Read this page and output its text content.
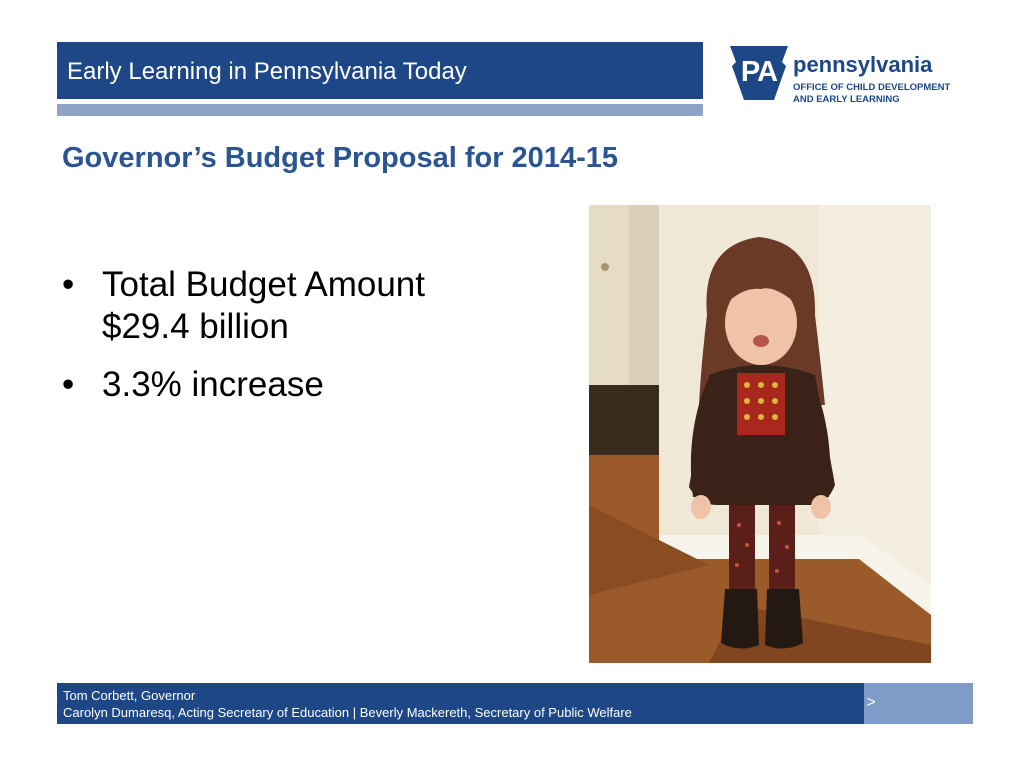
Early Learning in Pennsylvania Today	PA pennsylvania
OFFICE OF CHILD DEVELOPMENT
AND EARLY LEARNING
Governor’s Budget Proposal for 2014-15
• Total Budget Amount
$29.4 billion
• 3.3% increase
Tom Corbett, Governor
Carolyn Dumaresq, Acting Secretary of Education | Beverly Mackereth, Secretary of Public Welfare
>
